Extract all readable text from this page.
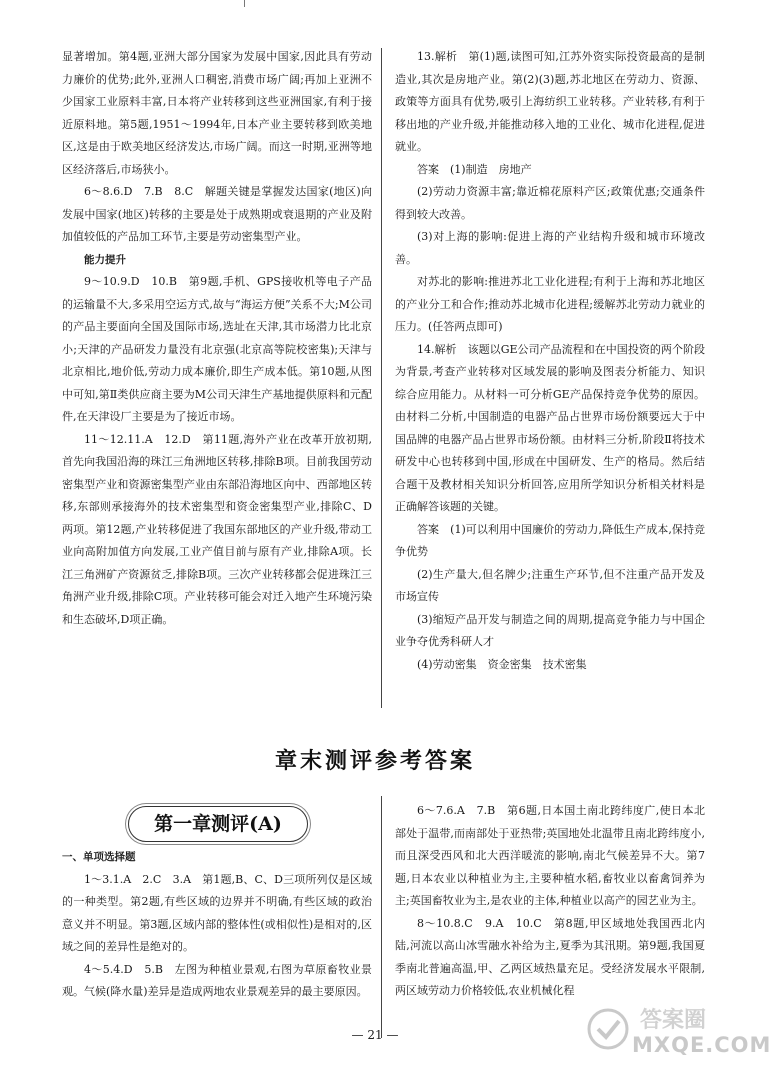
显著增加。第4题,亚洲大部分国家为发展中国家,因此具有劳动力廉价的优势;此外,亚洲人口稠密,消费市场广阔;再加上亚洲不少国家工业原料丰富,日本将产业转移到这些亚洲国家,有利于接近原料地。第5题,1951～1994年,日本产业主要转移到欧美地区,这是由于欧美地区经济发达,市场广阔。而这一时期,亚洲等地区经济落后,市场狭小。

6～8.6.D　7.B　8.C　解题关键是掌握发达国家(地区)向发展中国家(地区)转移的主要是处于成熟期或衰退期的产业及附加值较低的产品加工环节,主要是劳动密集型产业。

能力提升

9～10.9.D　10.B　第9题,手机、GPS接收机等电子产品的运输量不大,多采用空运方式,故与“海运方便”关系不大;M公司的产品主要面向全国及国际市场,选址在天津,其市场潜力比北京小;天津的产品研发力量没有北京强(北京高等院校密集);天津与北京相比,地价低,劳动力成本廉价,即生产成本低。第10题,从图中可知,第Ⅱ类供应商主要为M公司天津生产基地提供原料和元配件,在天津设厂主要是为了接近市场。

11～12.11.A　12.D　第11题,海外产业在改革开放初期,首先向我国沿海的珠江三角洲地区转移,排除B项。目前我国劳动密集型产业和资源密集型产业由东部沿海地区向中、西部地区转移,东部则承接海外的技术密集型和资金密集型产业,排除C、D两项。第12题,产业转移促进了我国东部地区的产业升级,带动工业向高附加值方向发展,工业产值目前与原有产业,排除A项。长江三角洲矿产资源贫乏,排除B项。三次产业转移都会促进珠江三角洲产业升级,排除C项。产业转移可能会对迁入地产生环境污染和生态破坏,D项正确。

13.解析　第(1)题,读图可知,江苏外资实际投资最高的是制造业,其次是房地产业。第(2)(3)题,苏北地区在劳动力、资源、政策等方面具有优势,吸引上海纺织工业转移。产业转移,有利于移出地的产业升级,并能推动移入地的工业化、城市化进程,促进就业。

答案　(1)制造　房地产

(2)劳动力资源丰富;靠近棉花原料产区;政策优惠;交通条件得到较大改善。

(3)对上海的影响:促进上海的产业结构升级和城市环境改善。

对苏北的影响:推进苏北工业化进程;有利于上海和苏北地区的产业分工和合作;推动苏北城市化进程;缓解苏北劳动力就业的压力。(任答两点即可)

14.解析　该题以GE公司产品流程和在中国投资的两个阶段为背景,考查产业转移对区域发展的影响及图表分析能力、知识综合应用能力。从材料一可分析GE产品保持竞争优势的原因。由材料二分析,中国制造的电器产品占世界市场份额要远大于中国品牌的电器产品占世界市场份额。由材料三分析,阶段Ⅱ将技术研发中心也转移到中国,形成在中国研发、生产的格局。然后结合题干及教材相关知识分析回答,应用所学知识分析相关材料是正确解答该题的关键。

答案　(1)可以利用中国廉价的劳动力,降低生产成本,保持竞争优势

(2)生产量大,但名牌少;注重生产环节,但不注重产品开发及市场宣传

(3)缩短产品开发与制造之间的周期,提高竞争能力与中国企业争夺优秀科研人才

(4)劳动密集　资金密集　技术密集

章末测评参考答案
第一章测评(A)

一、单项选择题

1～3.1.A　2.C　3.A　第1题,B、C、D三项所列仅是区域的一种类型。第2题,有些区域的边界并不明确,有些区域的政治意义并不明显。第3题,区域内部的整体性(或相似性)是相对的,区域之间的差异性是绝对的。

4～5.4.D　5.B　左图为种植业景观,右图为草原畜牧业景观。气候(降水量)差异是造成两地农业景观差异的最主要原因。

6～7.6.A　7.B　第6题,日本国土南北跨纬度广,使日本北部处于温带,而南部处于亚热带;英国地处北温带且南北跨纬度小,而且深受西风和北大西洋暖流的影响,南北气候差异不大。第7题,日本农业以种植业为主,主要种植水稻,畜牧业以畜禽饲养为主;英国畜牧业为主,是农业的主体,种植业以高产的园艺业为主。

8～10.8.C　9.A　10.C　第8题,甲区域地处我国西北内陆,河流以高山冰雪融水补给为主,夏季为其汛期。第9题,我国夏季南北普遍高温,甲、乙两区域热量充足。受经济发展水平限制,两区域劳动力价格较低,农业机械化程

— 21 —
答案圈
MXQE.COM
